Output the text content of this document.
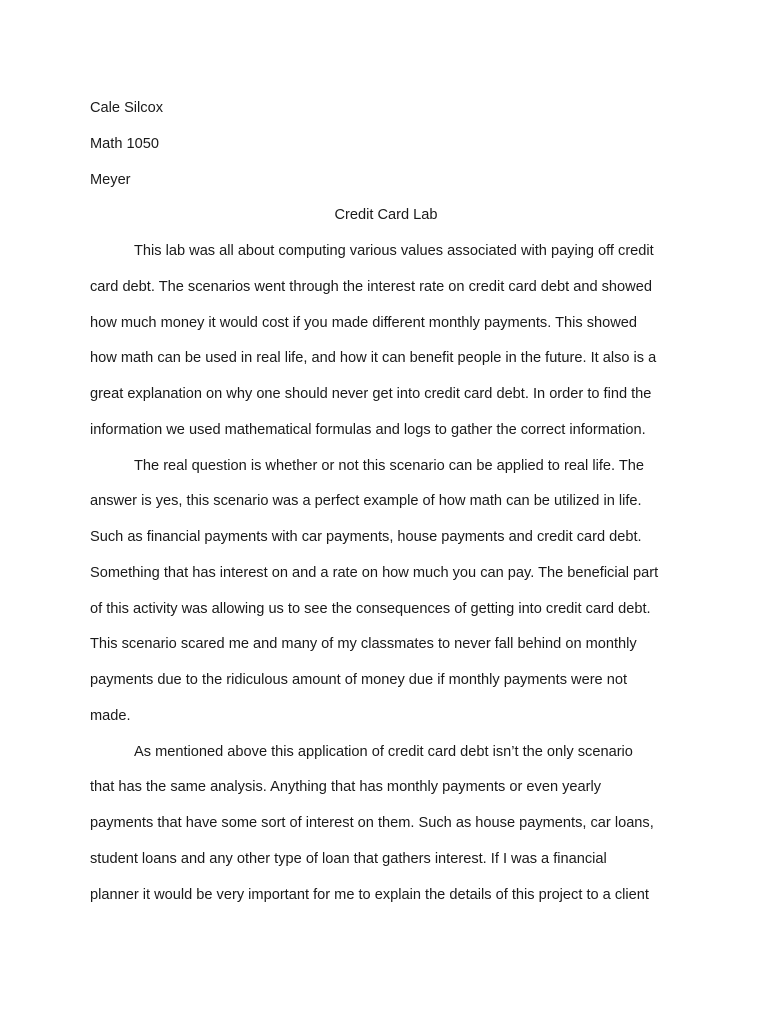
Cale Silcox
Math 1050
Meyer
Credit Card Lab
This lab was all about computing various values associated with paying off credit
card debt. The scenarios went through the interest rate on credit card debt and showed
how much money it would cost if you made different monthly payments. This showed
how math can be used in real life, and how it can benefit people in the future. It also is a
great explanation on why one should never get into credit card debt. In order to find the
information we used mathematical formulas and logs to gather the correct information.
The real question is whether or not this scenario can be applied to real life. The
answer is yes, this scenario was a perfect example of how math can be utilized in life.
Such as financial payments with car payments, house payments and credit card debt.
Something that has interest on and a rate on how much you can pay. The beneficial part
of this activity was allowing us to see the consequences of getting into credit card debt.
This scenario scared me and many of my classmates to never fall behind on monthly
payments due to the ridiculous amount of money due if monthly payments were not
made.
As mentioned above this application of credit card debt isn’t the only scenario
that has the same analysis. Anything that has monthly payments or even yearly
payments that have some sort of interest on them. Such as house payments, car loans,
student loans and any other type of loan that gathers interest. If I was a financial
planner it would be very important for me to explain the details of this project to a client
